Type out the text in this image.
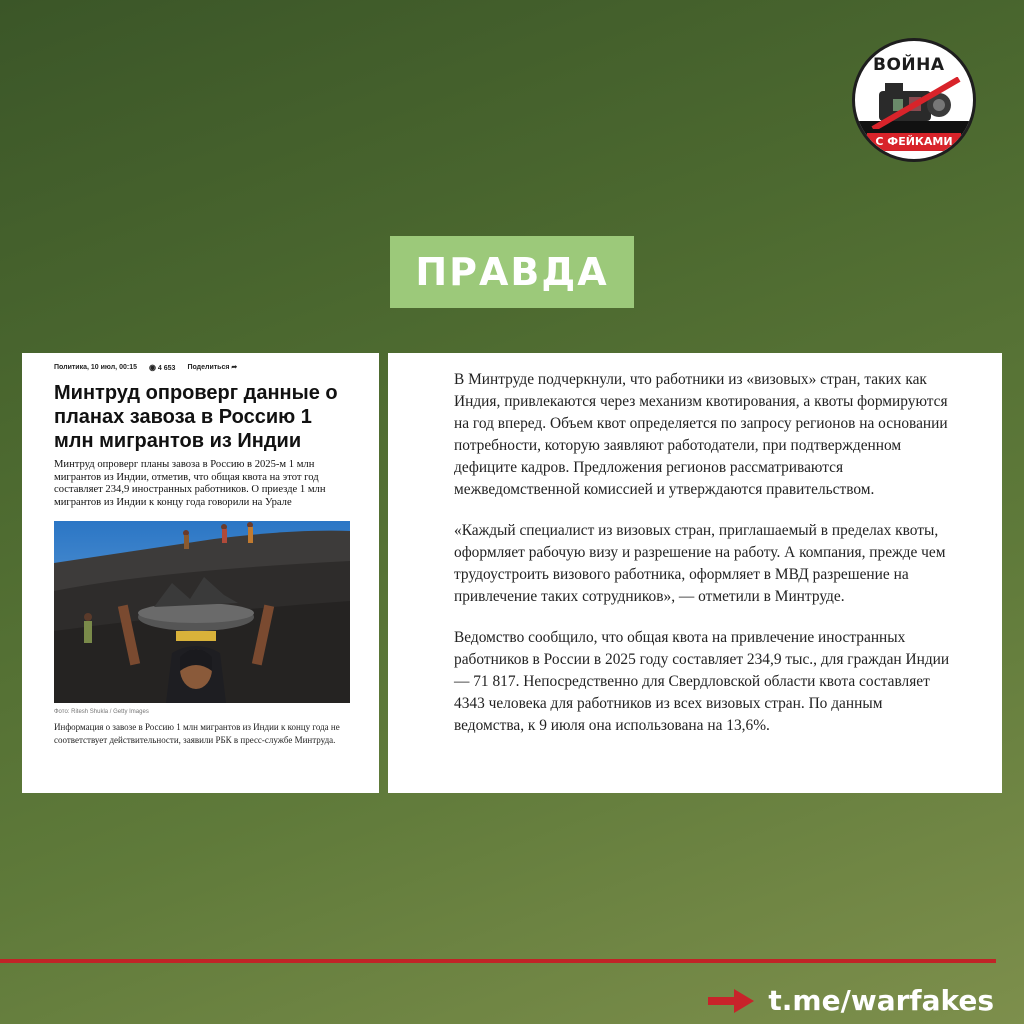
ВОЙНА
С ФЕЙКАМИ
ПРАВДА
Политика, 10 июл, 00:15 ◉ 4 653 Поделиться ➦
Минтруд опроверг данные о планах завоза в Россию 1 млн мигрантов из Индии
Минтруд опроверг планы завоза в Россию в 2025-м 1 млн мигрантов из Индии, отметив, что общая квота на этот год составляет 234,9 иностранных работников. О приезде 1 млн мигрантов из Индии к концу года говорили на Урале
Фото: Ritesh Shukla / Getty Images
Информация о завозе в Россию 1 млн мигрантов из Индии к концу года не соответствует действительности, заявили РБК в пресс-службе Минтруда.

В Минтруде подчеркнули, что работники из «визовых» стран, таких как Индия, привлекаются через механизм квотирования, а квоты формируются на год вперед. Объем квот определяется по запросу регионов на основании потребности, которую заявляют работодатели, при подтвержденном дефиците кадров. Предложения регионов рассматриваются межведомственной комиссией и утверждаются правительством.

«Каждый специалист из визовых стран, приглашаемый в пределах квоты, оформляет рабочую визу и разрешение на работу. А компания, прежде чем трудоустроить визового работника, оформляет в МВД разрешение на привлечение таких сотрудников», — отметили в Минтруде.

Ведомство сообщило, что общая квота на привлечение иностранных работников в России в 2025 году составляет 234,9 тыс., для граждан Индии — 71 817. Непосредственно для Свердловской области квота составляет 4343 человека для работников из всех визовых стран. По данным ведомства, к 9 июля она использована на 13,6%.

t.me/warfakes
